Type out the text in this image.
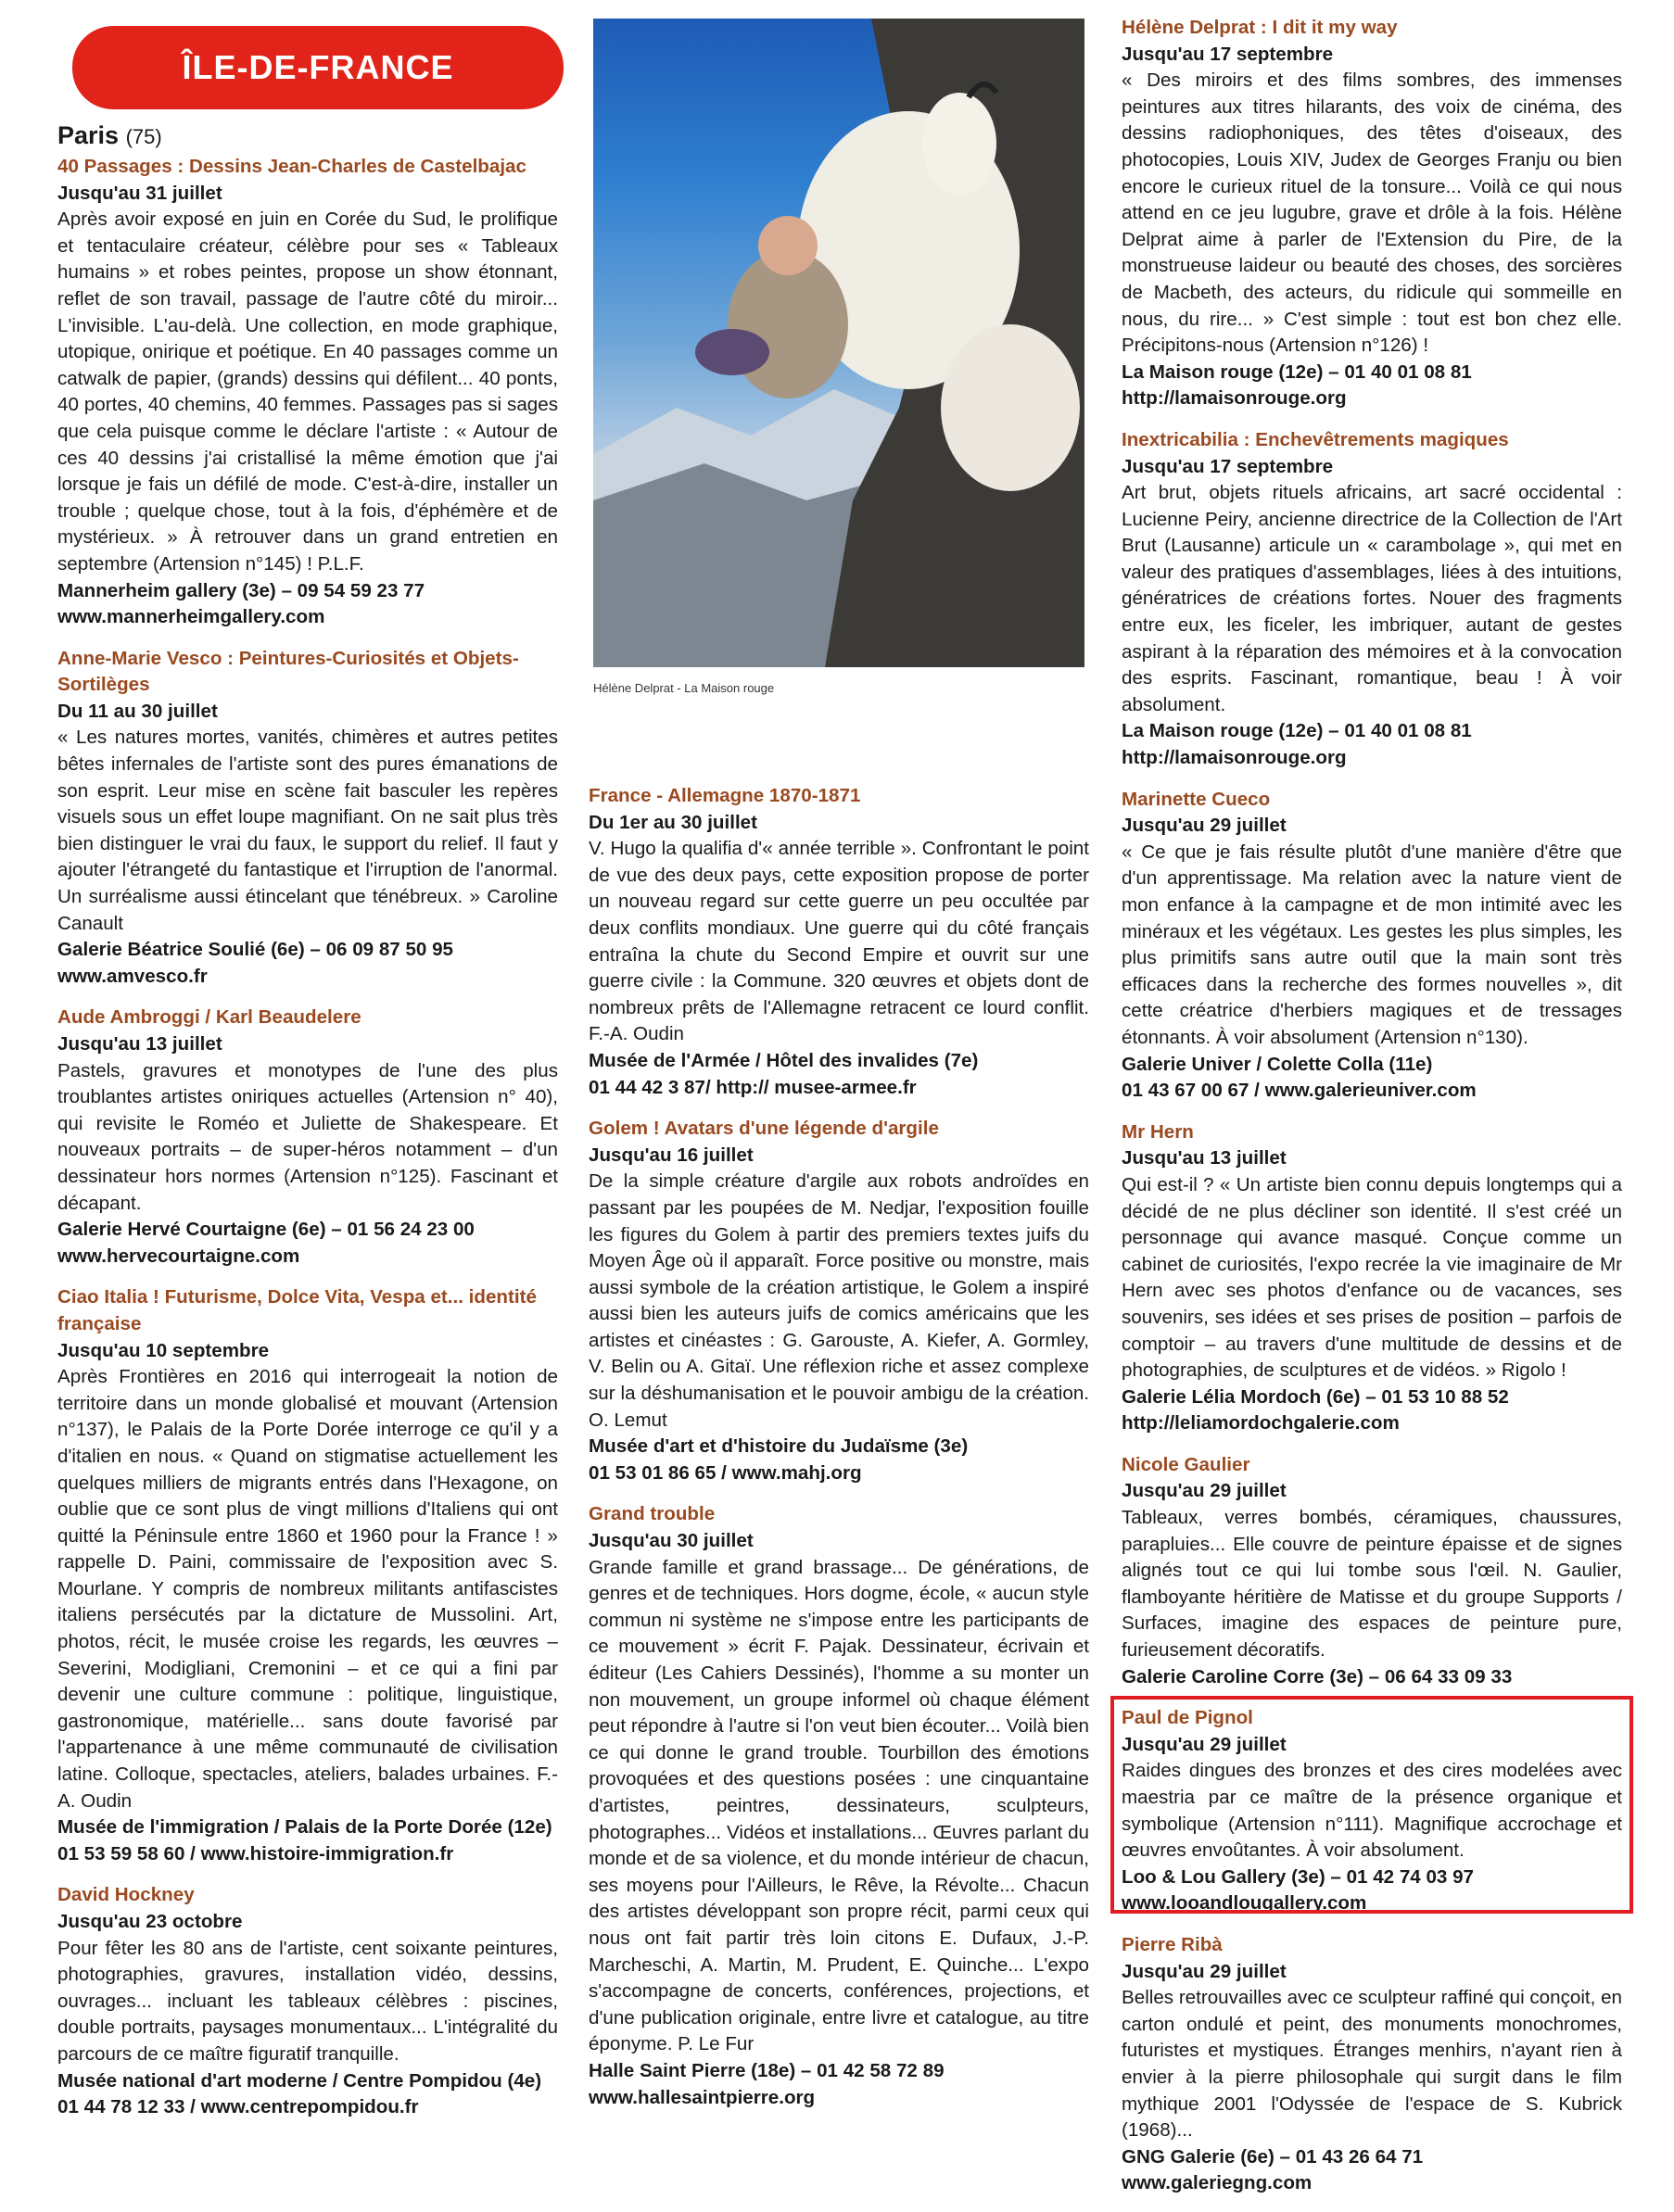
ÎLE-DE-FRANCE
Paris (75)
40 Passages : Dessins Jean-Charles de Castelbajac
Jusqu'au 31 juillet
Après avoir exposé en juin en Corée du Sud, le prolifique et tentaculaire créateur, célèbre pour ses « Tableaux humains » et robes peintes, propose un show étonnant, reflet de son travail, passage de l'autre côté du miroir... L'invisible. L'au-delà. Une collection, en mode graphique, utopique, onirique et poétique. En 40 passages comme un catwalk de papier, (grands) dessins qui défilent... 40 ponts, 40 portes, 40 chemins, 40 femmes. Passages pas si sages que cela puisque comme le déclare l'artiste : « Autour de ces 40 dessins j'ai cristallisé la même émotion que j'ai lorsque je fais un défilé de mode. C'est-à-dire, installer un trouble ; quelque chose, tout à la fois, d'éphémère et de mystérieux. » À retrouver dans un grand entretien en septembre (Artension n°145) ! P.L.F.
Mannerheim gallery (3e) – 09 54 59 23 77
www.mannerheimgallery.com
Anne-Marie Vesco : Peintures-Curiosités et Objets-Sortilèges
Du 11 au 30 juillet
« Les natures mortes, vanités, chimères et autres petites bêtes infernales de l'artiste sont des pures émanations de son esprit. Leur mise en scène fait basculer les repères visuels sous un effet loupe magnifiant. On ne sait plus très bien distinguer le vrai du faux, le support du relief. Il faut y ajouter l'étrangeté du fantastique et l'irruption de l'anormal. Un surréalisme aussi étincelant que ténébreux. » Caroline Canault
Galerie Béatrice Soulié (6e) – 06 09 87 50 95
www.amvesco.fr
Aude Ambroggi / Karl Beaudelere
Jusqu'au 13 juillet
Pastels, gravures et monotypes de l'une des plus troublantes artistes oniriques actuelles (Artension n° 40), qui revisite le Roméo et Juliette de Shakespeare. Et nouveaux portraits – de super-héros notamment – d'un dessinateur hors normes (Artension n°125). Fascinant et décapant.
Galerie Hervé Courtaigne (6e) – 01 56 24 23 00
www.hervecourtaigne.com
Ciao Italia ! Futurisme, Dolce Vita, Vespa et... identité française
Jusqu'au 10 septembre
Après Frontières en 2016 qui interrogeait la notion de territoire dans un monde globalisé et mouvant (Artension n°137), le Palais de la Porte Dorée interroge ce qu'il y a d'italien en nous. « Quand on stigmatise actuellement les quelques milliers de migrants entrés dans l'Hexagone, on oublie que ce sont plus de vingt millions d'Italiens qui ont quitté la Péninsule entre 1860 et 1960 pour la France ! » rappelle D. Paini, commissaire de l'exposition avec S. Mourlane. Y compris de nombreux militants antifascistes italiens persécutés par la dictature de Mussolini. Art, photos, récit, le musée croise les regards, les œuvres – Severini, Modigliani, Cremonini – et ce qui a fini par devenir une culture commune : politique, linguistique, gastronomique, matérielle... sans doute favorisé par l'appartenance à une même communauté de civilisation latine. Colloque, spectacles, ateliers, balades urbaines. F.-A. Oudin
Musée de l'immigration / Palais de la Porte Dorée (12e)
01 53 59 58 60 / www.histoire-immigration.fr
David Hockney
Jusqu'au 23 octobre
Pour fêter les 80 ans de l'artiste, cent soixante peintures, photographies, gravures, installation vidéo, dessins, ouvrages... incluant les tableaux célèbres : piscines, double portraits, paysages monumentaux... L'intégralité du parcours de ce maître figuratif tranquille.
Musée national d'art moderne / Centre Pompidou (4e)
01 44 78 12 33 / www.centrepompidou.fr
Hélène Delprat - La Maison rouge
France - Allemagne 1870-1871
Du 1er au 30 juillet
V. Hugo la qualifia d'« année terrible ». Confrontant le point de vue des deux pays, cette exposition propose de porter un nouveau regard sur cette guerre un peu occultée par deux conflits mondiaux. Une guerre qui du côté français entraîna la chute du Second Empire et ouvrit sur une guerre civile : la Commune. 320 œuvres et objets dont de nombreux prêts de l'Allemagne retracent ce lourd conflit. F.-A. Oudin
Musée de l'Armée / Hôtel des invalides (7e)
01 44 42 3 87/ http:// musee-armee.fr
Golem ! Avatars d'une légende d'argile
Jusqu'au 16 juillet
De la simple créature d'argile aux robots androïdes en passant par les poupées de M. Nedjar, l'exposition fouille les figures du Golem à partir des premiers textes juifs du Moyen Âge où il apparaît. Force positive ou monstre, mais aussi symbole de la création artistique, le Golem a inspiré aussi bien les auteurs juifs de comics américains que les artistes et cinéastes : G. Garouste, A. Kiefer, A. Gormley, V. Belin ou A. Gitaï. Une réflexion riche et assez complexe sur la déshumanisation et le pouvoir ambigu de la création. O. Lemut
Musée d'art et d'histoire du Judaïsme (3e)
01 53 01 86 65 / www.mahj.org
Grand trouble
Jusqu'au 30 juillet
Grande famille et grand brassage... De générations, de genres et de techniques. Hors dogme, école, « aucun style commun ni système ne s'impose entre les participants de ce mouvement » écrit F. Pajak. Dessinateur, écrivain et éditeur (Les Cahiers Dessinés), l'homme a su monter un non mouvement, un groupe informel où chaque élément peut répondre à l'autre si l'on veut bien écouter... Voilà bien ce qui donne le grand trouble. Tourbillon des émotions provoquées et des questions posées : une cinquantaine d'artistes, peintres, dessinateurs, sculpteurs, photographes... Vidéos et installations... Œuvres parlant du monde et de sa violence, et du monde intérieur de chacun, ses moyens pour l'Ailleurs, le Rêve, la Révolte... Chacun des artistes développant son propre récit, parmi ceux qui nous ont fait partir très loin citons E. Dufaux, J.-P. Marcheschi, A. Martin, M. Prudent, E. Quinche... L'expo s'accompagne de concerts, conférences, projections, et d'une publication originale, entre livre et catalogue, au titre éponyme. P. Le Fur
Halle Saint Pierre (18e) – 01 42 58 72 89
www.hallesaintpierre.org
Hélène Delprat : I dit it my way
Jusqu'au 17 septembre
« Des miroirs et des films sombres, des immenses peintures aux titres hilarants, des voix de cinéma, des dessins radiophoniques, des têtes d'oiseaux, des photocopies, Louis XIV, Judex de Georges Franju ou bien encore le curieux rituel de la tonsure... Voilà ce qui nous attend en ce jeu lugubre, grave et drôle à la fois. Hélène Delprat aime à parler de l'Extension du Pire, de la monstrueuse laideur ou beauté des choses, des sorcières de Macbeth, des acteurs, du ridicule qui sommeille en nous, du rire... » C'est simple : tout est bon chez elle. Précipitons-nous (Artension n°126) !
La Maison rouge (12e) – 01 40 01 08 81
http://lamaisonrouge.org
Inextricabilia : Enchevêtrements magiques
Jusqu'au 17 septembre
Art brut, objets rituels africains, art sacré occidental : Lucienne Peiry, ancienne directrice de la Collection de l'Art Brut (Lausanne) articule un « carambolage », qui met en valeur des pratiques d'assemblages, liées à des intuitions, génératrices de créations fortes. Nouer des fragments entre eux, les ficeler, les imbriquer, autant de gestes aspirant à la réparation des mémoires et à la convocation des esprits. Fascinant, romantique, beau ! À voir absolument.
La Maison rouge (12e) – 01 40 01 08 81
http://lamaisonrouge.org
Marinette Cueco
Jusqu'au 29 juillet
« Ce que je fais résulte plutôt d'une manière d'être que d'un apprentissage. Ma relation avec la nature vient de mon enfance à la campagne et de mon intimité avec les minéraux et les végétaux. Les gestes les plus simples, les plus primitifs sans autre outil que la main sont très efficaces dans la recherche des formes nouvelles », dit cette créatrice d'herbiers magiques et de tressages étonnants. À voir absolument (Artension n°130).
Galerie Univer / Colette Colla (11e)
01 43 67 00 67 / www.galerieuniver.com
Mr Hern
Jusqu'au 13 juillet
Qui est-il ? « Un artiste bien connu depuis longtemps qui a décidé de ne plus décliner son identité. Il s'est créé un personnage qui avance masqué. Conçue comme un cabinet de curiosités, l'expo recrée la vie imaginaire de Mr Hern avec ses photos d'enfance ou de vacances, ses souvenirs, ses idées et ses prises de position – parfois de comptoir – au travers d'une multitude de dessins et de photographies, de sculptures et de vidéos. » Rigolo !
Galerie Lélia Mordoch (6e) – 01 53 10 88 52
http://leliamordochgalerie.com
Nicole Gaulier
Jusqu'au 29 juillet
Tableaux, verres bombés, céramiques, chaussures, parapluies... Elle couvre de peinture épaisse et de signes alignés tout ce qui lui tombe sous l'œil. N. Gaulier, flamboyante héritière de Matisse et du groupe Supports / Surfaces, imagine des espaces de peinture pure, furieusement décoratifs.
Galerie Caroline Corre (3e) – 06 64 33 09 33
Paul de Pignol
Jusqu'au 29 juillet
Raides dingues des bronzes et des cires modelées avec maestria par ce maître de la présence organique et symbolique (Artension n°111). Magnifique accrochage et œuvres envoûtantes. À voir absolument.
Loo & Lou Gallery (3e) – 01 42 74 03 97
www.looandlougallery.com
Pierre Ribà
Jusqu'au 29 juillet
Belles retrouvailles avec ce sculpteur raffiné qui conçoit, en carton ondulé et peint, des monuments monochromes, futuristes et mystiques. Étranges menhirs, n'ayant rien à envier à la pierre philosophale qui surgit dans le film mythique 2001 l'Odyssée de l'espace de S. Kubrick (1968)...
GNG Galerie (6e) – 01 43 26 64 71
www.galeriegng.com
